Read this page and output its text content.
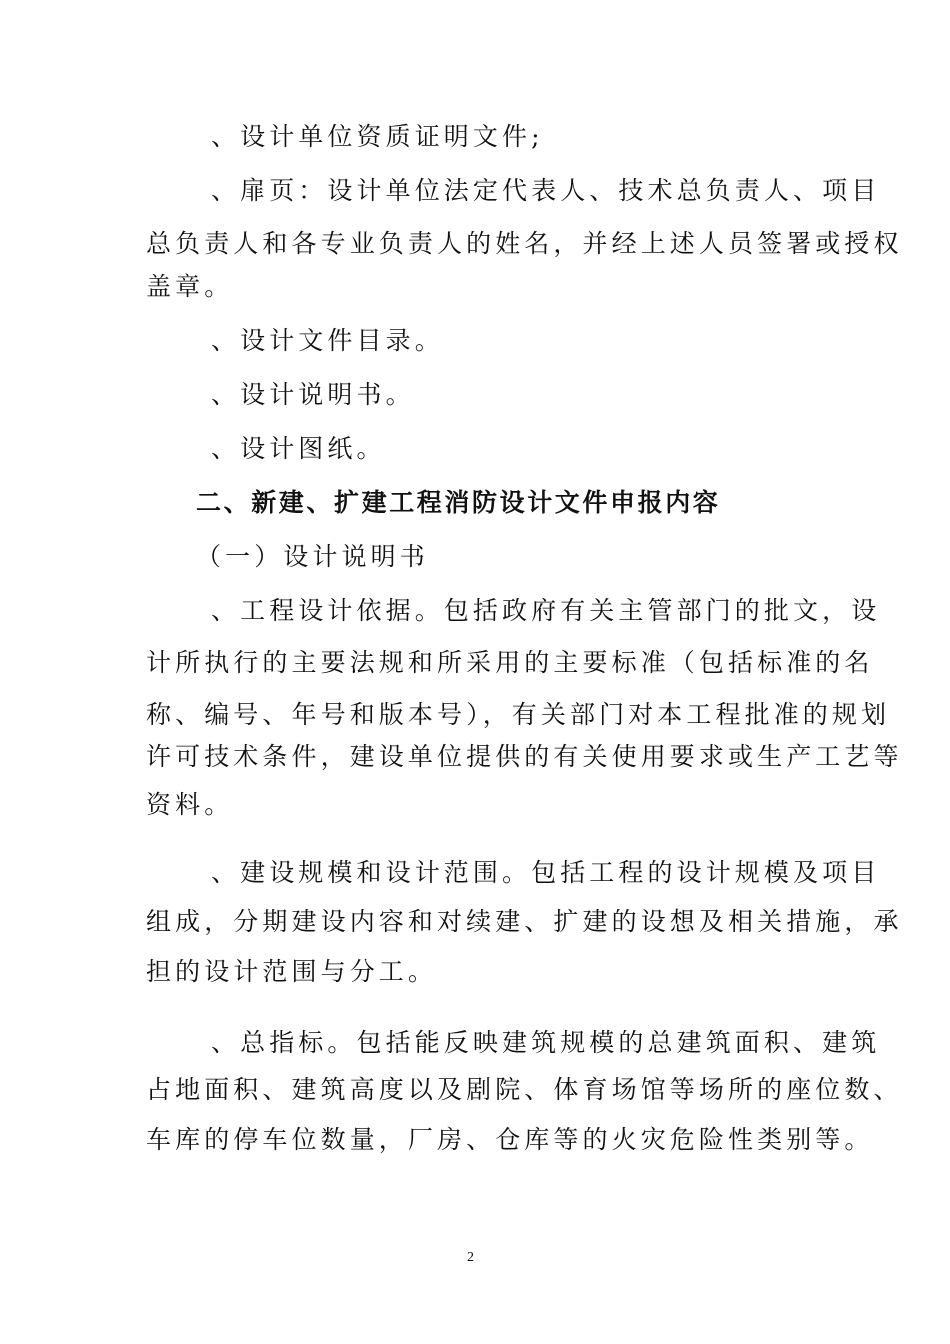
、设计单位资质证明文件;
、扉页：设计单位法定代表人、技术总负责人、项目
总负责人和各专业负责人的姓名，并经上述人员签署或授权
盖章。
、设计文件目录。
、设计说明书。
、设计图纸。
二、新建、扩建工程消防设计文件申报内容
（一）设计说明书
、工程设计依据。包括政府有关主管部门的批文，设
计所执行的主要法规和所采用的主要标准（包括标准的名
称、编号、年号和版本号），有关部门对本工程批准的规划
许可技术条件，建设单位提供的有关使用要求或生产工艺等
资料。
、建设规模和设计范围。包括工程的设计规模及项目
组成，分期建设内容和对续建、扩建的设想及相关措施，承
担的设计范围与分工。
、总指标。包括能反映建筑规模的总建筑面积、建筑
占地面积、建筑高度以及剧院、体育场馆等场所的座位数、
车库的停车位数量，厂房、仓库等的火灾危险性类别等。
2
